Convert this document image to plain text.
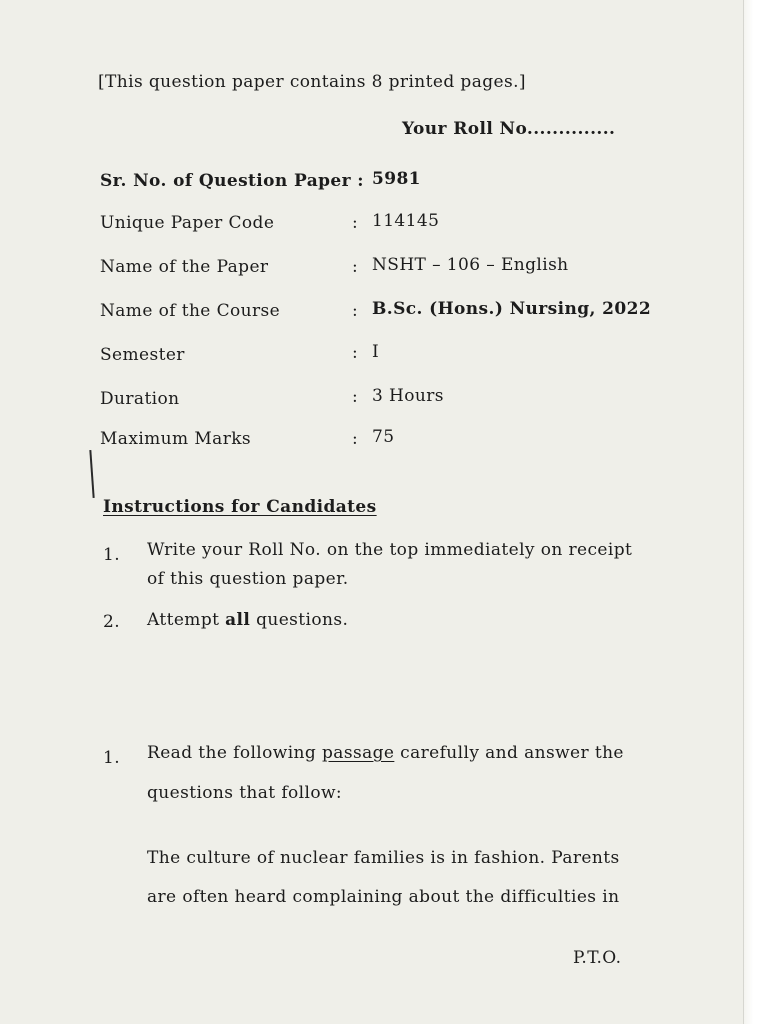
[This question paper contains 8 printed pages.]
Your Roll No..............
Sr. No. of Question Paper : 5981
Unique Paper Code	: 114145
Name of the Paper	: NSHT – 106 – English
Name of the Course	: B.Sc. (Hons.) Nursing, 2022
Semester	: I
Duration	: 3 Hours
Maximum Marks	: 75
Instructions for Candidates
1. Write your Roll No. on the top immediately on receipt
of this question paper.
2. Attempt all questions.
1. Read the following passage carefully and answer the
questions that follow:
The culture of nuclear families is in fashion. Parents
are often heard complaining about the difficulties in
P.T.O.
